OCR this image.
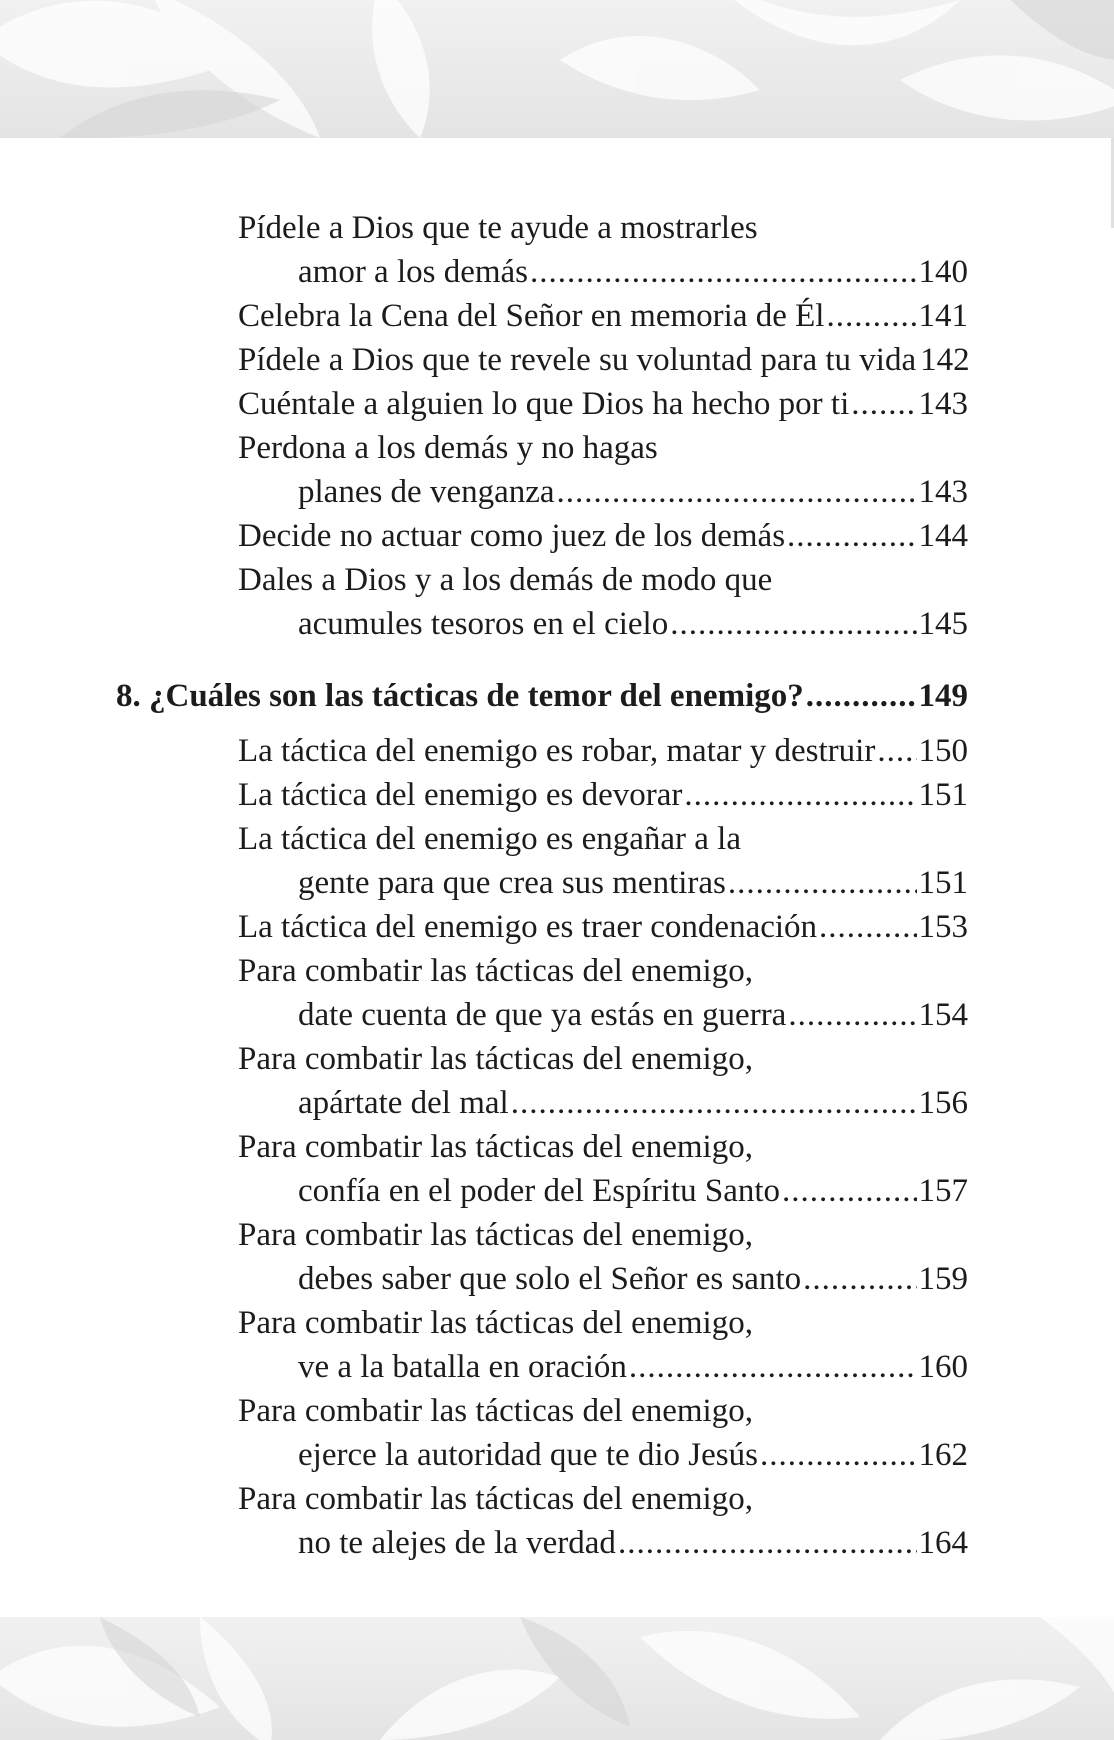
Pídele a Dios que te ayude a mostrarles
amor a los demás .....	140
Celebra la Cena del Señor en memoria de Él .....	141
Pídele a Dios que te revele su voluntad para tu vida 142
Cuéntale a alguien lo que Dios ha hecho por ti ..... 143
Perdona a los demás y no hagas
planes de venganza .....	143
Decide no actuar como juez de los demás .....	144
Dales a Dios y a los demás de modo que
acumules tesoros en el cielo .....	145
8. ¿Cuáles son las tácticas de temor del enemigo? .....	149
La táctica del enemigo es robar, matar y destruir ..... 150
La táctica del enemigo es devorar .....	151
La táctica del enemigo es engañar a la
gente para que crea sus mentiras .....	151
La táctica del enemigo es traer condenación .....	153
Para combatir las tácticas del enemigo,
date cuenta de que ya estás en guerra .....	154
Para combatir las tácticas del enemigo,
apártate del mal .....	156
Para combatir las tácticas del enemigo,
confía en el poder del Espíritu Santo .....	157
Para combatir las tácticas del enemigo,
debes saber que solo el Señor es santo .....	159
Para combatir las tácticas del enemigo,
ve a la batalla en oración .....	160
Para combatir las tácticas del enemigo,
ejerce la autoridad que te dio Jesús .....	162
Para combatir las tácticas del enemigo,
no te alejes de la verdad .....	164
